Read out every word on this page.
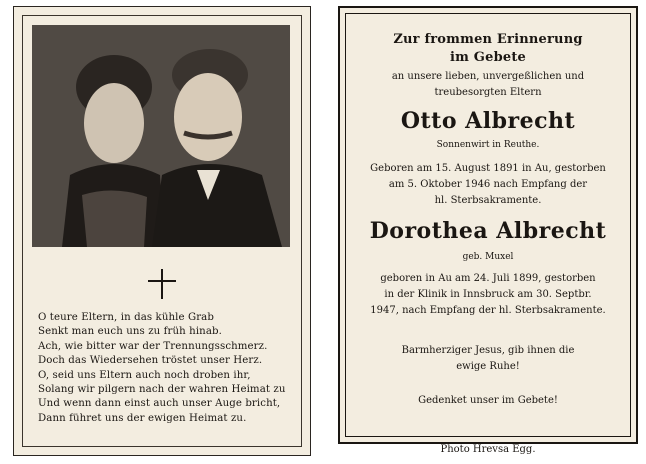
O teure Eltern, in das kühle Grab
Senkt man euch uns zu früh hinab.
Ach, wie bitter war der Trennungsschmerz.
Doch das Wiedersehen tröstet unser Herz.
O, seid uns Eltern auch noch droben ihr,
Solang wir pilgern nach der wahren Heimat zu
Und wenn dann einst auch unser Auge bricht,
Dann führet uns der ewigen Heimat zu.
Zur frommen Erinnerung
im Gebete
an unsere lieben, unvergeßlichen und
treubesorgten Eltern
Otto Albrecht
Sonnenwirt in Reuthe.
Geboren am 15. August 1891 in Au, gestorben
am 5. Oktober 1946 nach Empfang der
hl. Sterbsakramente.
Dorothea Albrecht
geb. Muxel
geboren in Au am 24. Juli 1899, gestorben
in der Klinik in Innsbruck am 30. Septbr.
1947, nach Empfang der hl. Sterbsakramente.
Barmherziger Jesus, gib ihnen die
ewige Ruhe!
Gedenket unser im Gebete!
Photo Hrevsa Egg.
